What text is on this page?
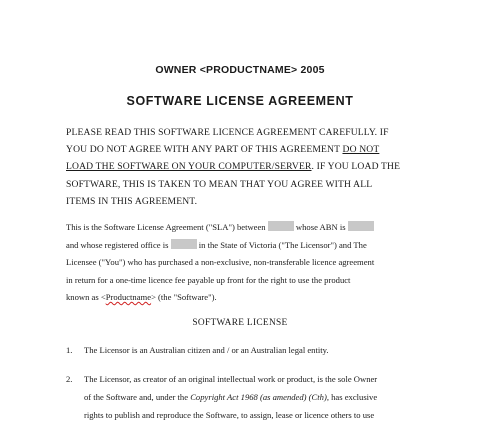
OWNER <PRODUCTNAME> 2005
SOFTWARE LICENSE AGREEMENT

PLEASE READ THIS SOFTWARE LICENCE AGREEMENT CAREFULLY. IF

YOU DO NOT AGREE WITH ANY PART OF THIS AGREEMENT DO NOT

LOAD THE SOFTWARE ON YOUR COMPUTER/SERVER. IF YOU LOAD THE

SOFTWARE, THIS IS TAKEN TO MEAN THAT YOU AGREE WITH ALL

ITEMS IN THIS AGREEMENT.

This is the Software License Agreement ("SLA") between	whose ABN is

and whose registered office is	in the State of Victoria ("The Licensor") and The

Licensee ("You") who has purchased a non-exclusive, non-transferable licence agreement

in return for a one-time licence fee payable up front for the right to use the product

known as <Productname> (the "Software").

SOFTWARE LICENSE

1. The Licensor is an Australian citizen and / or an Australian legal entity.

2. The Licensor, as creator of an original intellectual work or product, is the sole Owner

of the Software and, under the Copyright Act 1968 (as amended) (Cth), has exclusive

rights to publish and reproduce the Software, to assign, lease or licence others to use
